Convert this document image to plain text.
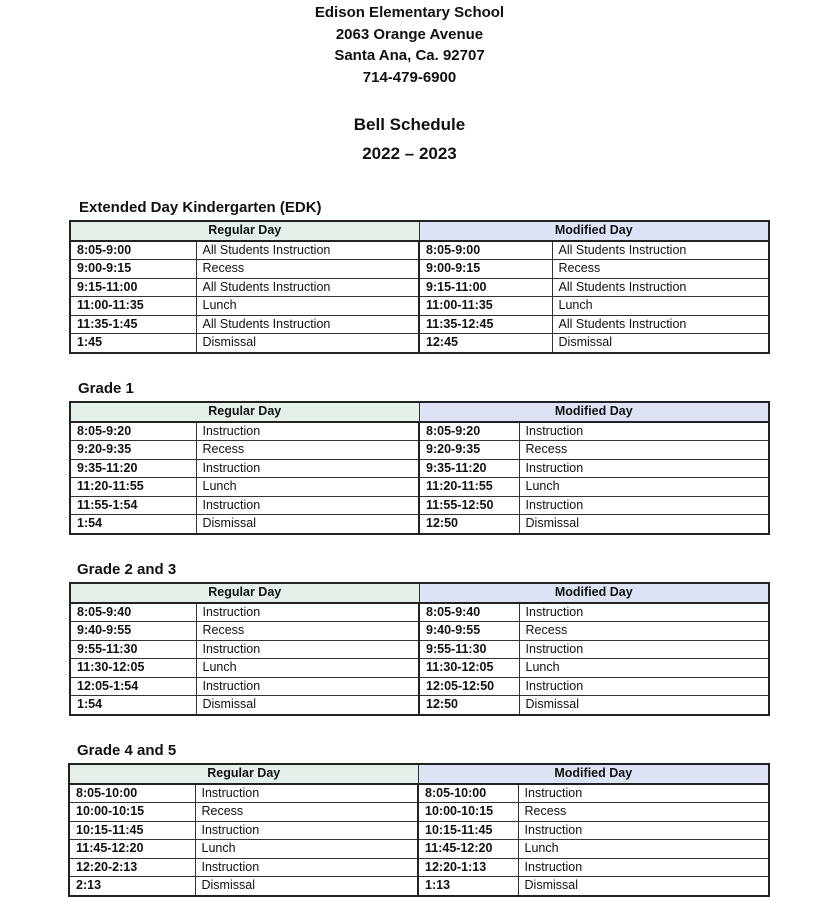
Edison Elementary School
2063 Orange Avenue
Santa Ana, Ca. 92707
714-479-6900
Bell Schedule
2022 – 2023
Extended Day Kindergarten (EDK)
Regular Day		Modified Day	
8:05-9:00	All Students Instruction	8:05-9:00	All Students Instruction
9:00-9:15	Recess	9:00-9:15	Recess
9:15-11:00	All Students Instruction	9:15-11:00	All Students Instruction
11:00-11:35	Lunch	11:00-11:35	Lunch
11:35-1:45	All Students Instruction	11:35-12:45	All Students Instruction
1:45	Dismissal	12:45	Dismissal
Grade 1
Regular Day		Modified Day	
8:05-9:20	Instruction	8:05-9:20	Instruction
9:20-9:35	Recess	9:20-9:35	Recess
9:35-11:20	Instruction	9:35-11:20	Instruction
11:20-11:55	Lunch	11:20-11:55	Lunch
11:55-1:54	Instruction	11:55-12:50	Instruction
1:54	Dismissal	12:50	Dismissal
Grade 2 and 3
Regular Day		Modified Day	
8:05-9:40	Instruction	8:05-9:40	Instruction
9:40-9:55	Recess	9:40-9:55	Recess
9:55-11:30	Instruction	9:55-11:30	Instruction
11:30-12:05	Lunch	11:30-12:05	Lunch
12:05-1:54	Instruction	12:05-12:50	Instruction
1:54	Dismissal	12:50	Dismissal
Grade 4 and 5
Regular Day		Modified Day	
8:05-10:00	Instruction	8:05-10:00	Instruction
10:00-10:15	Recess	10:00-10:15	Recess
10:15-11:45	Instruction	10:15-11:45	Instruction
11:45-12:20	Lunch	11:45-12:20	Lunch
12:20-2:13	Instruction	12:20-1:13	Instruction
2:13	Dismissal	1:13	Dismissal
